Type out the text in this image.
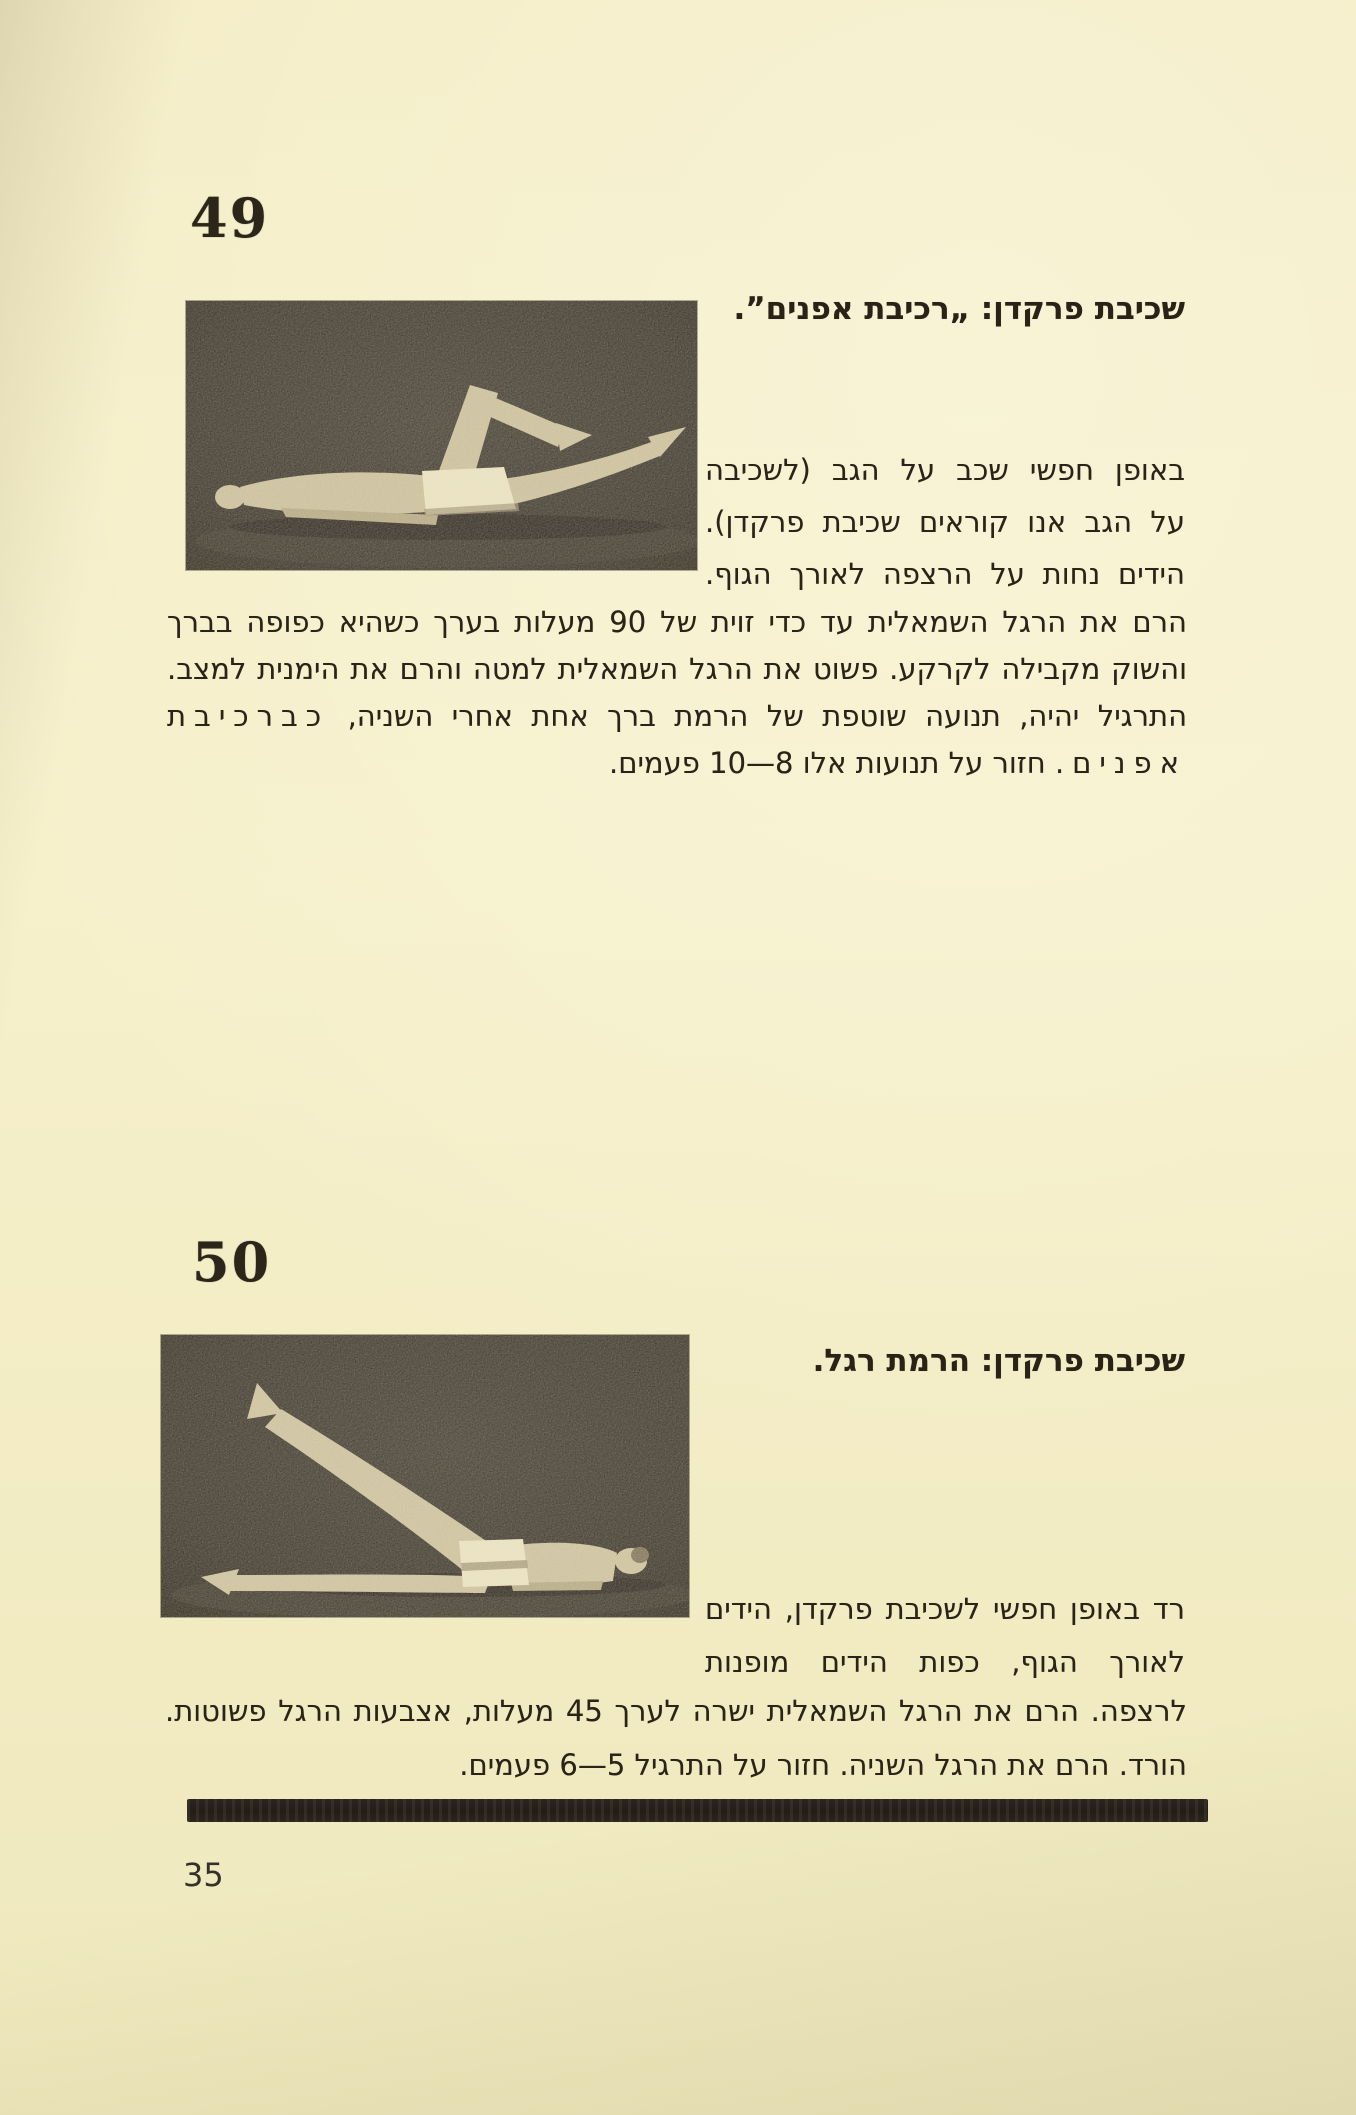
49
שכיבת פרקדן: „רכיבת אפנים”.
באופן חפשי שכב על הגב (לשכיבה
על הגב אנו קוראים שכיבת פרקדן).
הידים נחות על הרצפה לאורך הגוף.
הרם את הרגל השמאלית עד כדי זוית של 90 מעלות בערך כשהיא כפופה בברך
והשוק מקבילה לקרקע. פשוט את הרגל השמאלית למטה והרם את הימנית למצב.
התרגיל יהיה, תנועה שוטפת של הרמת ברך אחת אחרי השניה, כברכיבת
אפנים. חזור על תנועות אלו 8—10 פעמים.
50
שכיבת פרקדן: הרמת רגל.
רד באופן חפשי לשכיבת פרקדן, הידים
לאורך הגוף, כפות הידים מופנות
לרצפה. הרם את הרגל השמאלית ישרה לערך 45 מעלות, אצבעות הרגל פשוטות.
הורד. הרם את הרגל השניה. חזור על התרגיל 5—6 פעמים.
35
